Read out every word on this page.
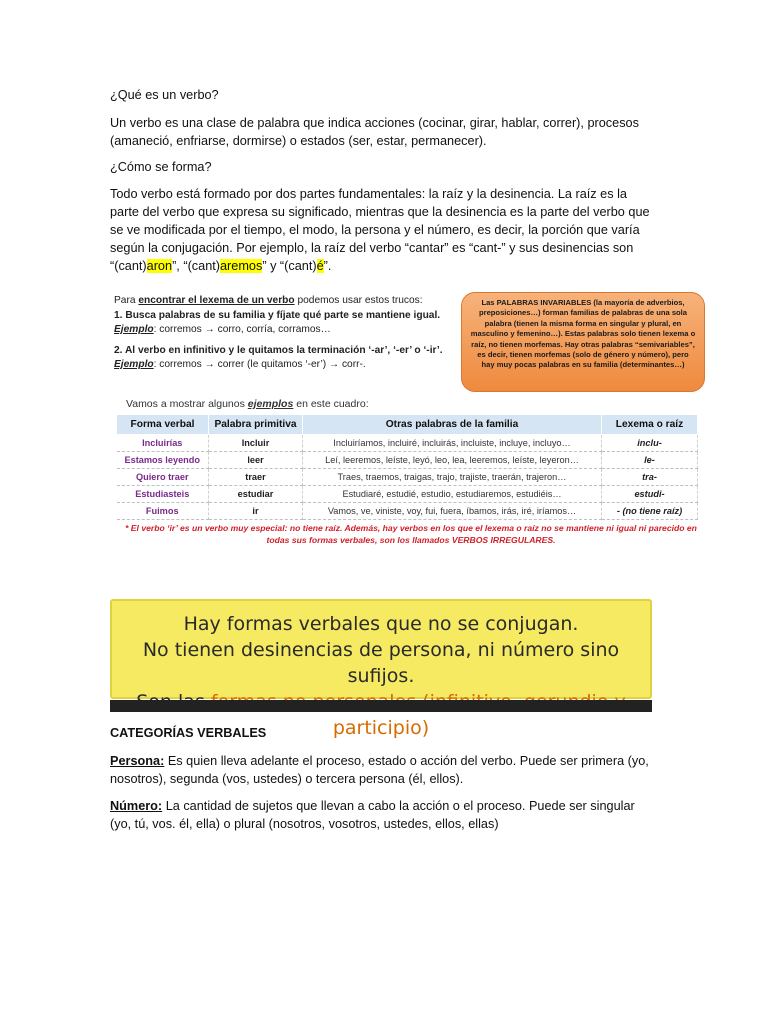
¿Qué es un verbo?
Un verbo es una clase de palabra que indica acciones (cocinar, girar, hablar, correr), procesos (amaneció, enfriarse, dormirse) o estados (ser, estar, permanecer).
¿Cómo se forma?
Todo verbo está formado por dos partes fundamentales: la raíz y la desinencia. La raíz es la parte del verbo que expresa su significado, mientras que la desinencia es la parte del verbo que se ve modificada por el tiempo, el modo, la persona y el número, es decir, la porción que varía según la conjugación. Por ejemplo, la raíz del verbo “cantar” es “cant-” y sus desinencias son “(cant)aron”, “(cant)aremos” y “(cant)é”.
Para encontrar el lexema de un verbo podemos usar estos trucos:
1. Busca palabras de su familia y fíjate qué parte se mantiene igual.
Ejemplo: corremos → corro, corría, corramos…
2. Al verbo en infinitivo y le quitamos la terminación ‘-ar’, ‘-er’ o ‘-ir’.
Ejemplo: corremos → correr (le quitamos ‘-er’) → corr-.
Las PALABRAS INVARIABLES (la mayoría de adverbios, preposiciones…) forman familias de palabras de una sola palabra (tienen la misma forma en singular y plural, en masculino y femenino…). Estas palabras solo tienen lexema o raíz, no tienen morfemas. Hay otras palabras “semivariables”, es decir, tienen morfemas (solo de género y número), pero hay muy pocas palabras en su familia (determinantes…)
Vamos a mostrar algunos ejemplos en este cuadro:
Forma verbal	Palabra primitiva	Otras palabras de la familia	Lexema o raíz
Incluirías	Incluir	Incluiríamos, incluiré, incluirás, incluiste, incluye, incluyo…	inclu-
Estamos leyendo	leer	Leí, leeremos, leíste, leyó, leo, lea, leeremos, leíste, leyeron…	le-
Quiero traer	traer	Traes, traemos, traigas, trajo, trajiste, traerán, trajeron…	tra-
Estudiasteis	estudiar	Estudiaré, estudié, estudio, estudiaremos, estudiéis…	estudi-
Fuimos	ir	Vamos, ve, viniste, voy, fui, fuera, íbamos, irás, iré, iríamos…	- (no tiene raíz)
* El verbo ‘ir’ es un verbo muy especial: no tiene raíz. Además, hay verbos en los que el lexema o raíz no se mantiene ni igual ni parecido en todas sus formas verbales, son los llamados VERBOS IRREGULARES.
Hay formas verbales que no se conjugan.
No tienen desinencias de persona, ni número sino sufijos.
participio)
CATEGORÍAS VERBALES
Persona: Es quien lleva adelante el proceso, estado o acción del verbo. Puede ser primera (yo, nosotros), segunda (vos, ustedes) o tercera persona (él, ellos).
Número: La cantidad de sujetos que llevan a cabo la acción o el proceso. Puede ser singular (yo, tú, vos. él, ella) o plural (nosotros, vosotros, ustedes, ellos, ellas)
